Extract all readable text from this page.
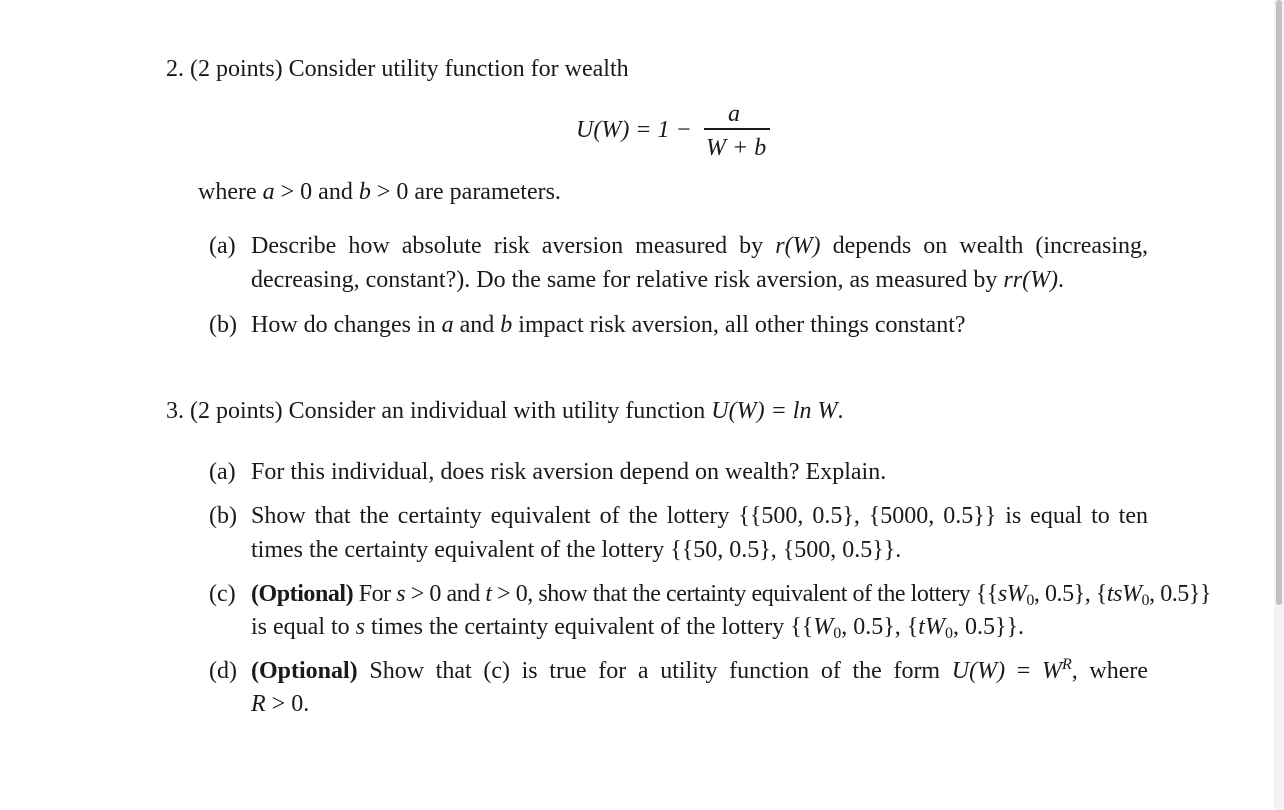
2. (2 points) Consider utility function for wealth
U(W) = 1 −
a
W + b
where a > 0 and b > 0 are parameters.
(a) Describe how absolute risk aversion measured by r(W) depends on wealth (increasing,
decreasing, constant?). Do the same for relative risk aversion, as measured by rr(W).
(b) How do changes in a and b impact risk aversion, all other things constant?
3. (2 points) Consider an individual with utility function U(W) = ln W.
(a) For this individual, does risk aversion depend on wealth? Explain.
(b) Show that the certainty equivalent of the lottery {{500, 0.5}, {5000, 0.5}} is equal to ten
times the certainty equivalent of the lottery {{50, 0.5}, {500, 0.5}}.
(c) (Optional) For s > 0 and t > 0, show that the certainty equivalent of the lottery {{$sW_0$, 0.5}, {tsW$_0$, 0.5}}
is equal to s times the certainty equivalent of the lottery {{$W_0$, 0.5}, {$tW_0$, 0.5}}.
(d) (Optional) Show that (c) is true for a utility function of the form $U(W) = W^R$, where
R > 0.
